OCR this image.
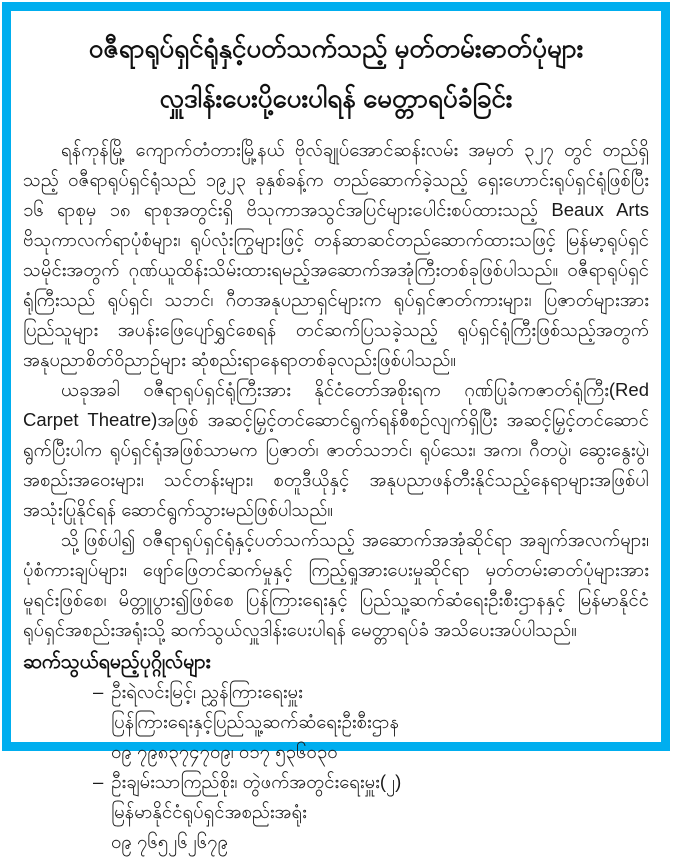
ဝဇီရာရုပ်ရှင်ရုံနှင့်ပတ်သက်သည့် မှတ်တမ်းဓာတ်ပုံများ
လှူဒါန်းပေးပို့ပေးပါရန် မေတ္တာရပ်ခံခြင်း

ရန်ကုန်မြို့ ကျောက်တံတားမြို့နယ် ဗိုလ်ချုပ်အောင်ဆန်းလမ်း အမှတ် ၃၂၇ တွင် တည်ရှိသည့် ဝဇီရာရုပ်ရှင်ရုံသည် ၁၉၂၃ ခုနှစ်ခန့်က တည်ဆောက်ခဲ့သည့် ရှေးဟောင်းရုပ်ရှင်ရုံဖြစ်ပြီး ၁၆ ရာစုမှ ၁၈ ရာစုအတွင်းရှိ ဗိသုကာအသွင်အပြင်များပေါင်းစပ်ထားသည့် Beaux Arts ဗိသုကာလက်ရာပုံစံများ၊ ရုပ်လုံးကြွများဖြင့် တန်ဆာဆင်တည်ဆောက်ထားသဖြင့် မြန်မာ့ရုပ်ရှင်သမိုင်းအတွက် ဂုဏ်ယူထိန်းသိမ်းထားရမည့်အဆောက်အအုံကြီးတစ်ခုဖြစ်ပါသည်။ ဝဇီရာရုပ်ရှင်ရုံကြီးသည် ရုပ်ရှင်၊ သဘင်၊ ဂီတအနုပညာရှင်များက ရုပ်ရှင်ဇာတ်ကားများ၊ ပြဇာတ်များအား ပြည်သူများ အပန်းဖြေပျော်ရွှင်စေရန် တင်ဆက်ပြသခဲ့သည့် ရုပ်ရှင်ရုံကြီးဖြစ်သည့်အတွက် အနုပညာစိတ်ဝိညာဉ်များ ဆုံစည်းရာနေရာတစ်ခုလည်းဖြစ်ပါသည်။

ယခုအခါ ဝဇီရာရုပ်ရှင်ရုံကြီးအား နိုင်ငံတော်အစိုးရက ဂုဏ်ပြုခံကဇာတ်ရုံကြီး(Red Carpet Theatre)အဖြစ် အဆင့်မြှင့်တင်ဆောင်ရွက်ရန်စီစဉ်လျက်ရှိပြီး အဆင့်မြှင့်တင်ဆောင်ရွက်ပြီးပါက ရုပ်ရှင်ရုံအဖြစ်သာမက ပြဇာတ်၊ ဇာတ်သဘင်၊ ရုပ်သေး၊ အက၊ ဂီတပွဲ၊ ဆွေးနွေးပွဲ၊ အစည်းအဝေးများ၊ သင်တန်းများ၊ စတူဒီယိုနှင့် အနုပညာဖန်တီးနိုင်သည့်နေရာများအဖြစ်ပါ အသုံးပြုနိုင်ရန် ဆောင်ရွက်သွားမည်ဖြစ်ပါသည်။

သို့ဖြစ်ပါ၍ ဝဇီရာရုပ်ရှင်ရုံနှင့်ပတ်သက်သည့် အဆောက်အအုံဆိုင်ရာ အချက်အလက်များ၊ ပုံစံကားချပ်များ၊ ဖျော်ဖြေတင်ဆက်မှုနှင့် ကြည့်ရှုအားပေးမှုဆိုင်ရာ မှတ်တမ်းဓာတ်ပုံများအား မူရင်းဖြစ်စေ၊ မိတ္တူပွား၍ဖြစ်စေ ပြန်ကြားရေးနှင့် ပြည်သူ့ဆက်ဆံရေးဦးစီးဌာနနှင့် မြန်မာနိုင်ငံရုပ်ရှင်အစည်းအရုံးသို့ ဆက်သွယ်လှူဒါန်းပေးပါရန် မေတ္တာရပ်ခံ အသိပေးအပ်ပါသည်။

ဆက်သွယ်ရမည့်ပုဂ္ဂိုလ်များ
– ဦးရဲလင်းမြင့်၊ ညွှန်ကြားရေးမှူး
ပြန်ကြားရေးနှင့်ပြည်သူ့ဆက်ဆံရေးဦးစီးဌာန
၀၉ ၇၉၈၃၇၄၇၀၉၊ ၀၁၇ ၅၃၆၀၃၀
– ဦးချမ်းသာကြည်စိုး၊ တွဲဖက်အတွင်းရေးမှူး(၂)
မြန်မာနိုင်ငံရုပ်ရှင်အစည်းအရုံး
၀၉ ၇၆၅၂၆၂၆၇၉
